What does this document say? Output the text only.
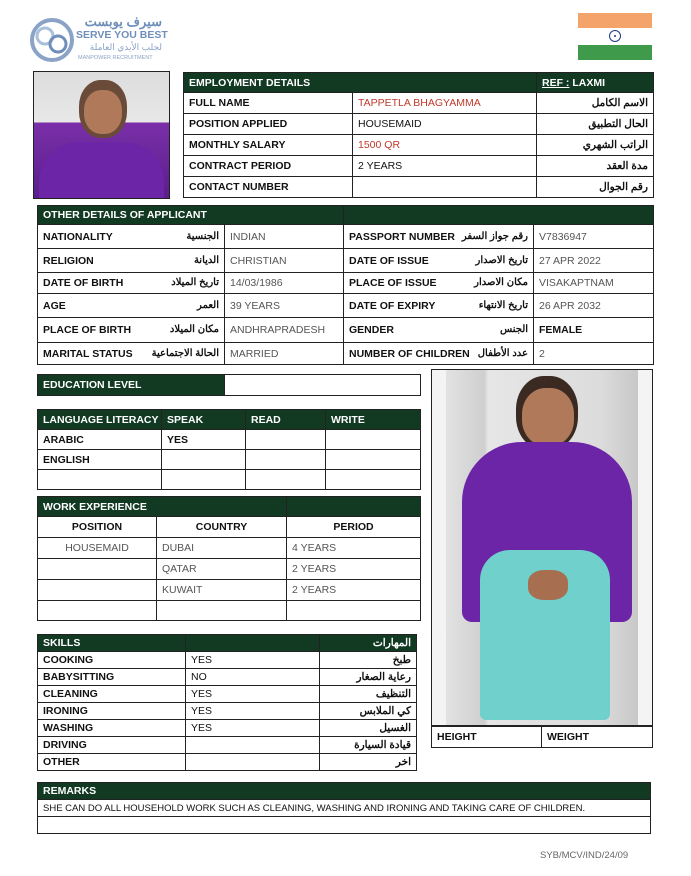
سيرف يوبست
SERVE YOU BEST
لجلب الأيدي العاملة
MANPOWER RECRUITMENT
EMPLOYMENT DETAILS		REF : LAXMI
FULL NAME	TAPPETLA BHAGYAMMA	الاسم الكامل
POSITION APPLIED	HOUSEMAID	الحال التطبيق
MONTHLY SALARY	1500 QR	الراتب الشهري
CONTRACT PERIOD	2 YEARS	مدة العقد
CONTACT NUMBER		رقم الجوال
OTHER DETAILS OF APPLICANT			
NATIONALITY الجنسية	INDIAN	PASSPORT NUMBER رقم جواز السفر	V7836947
RELIGION الديانة	CHRISTIAN	DATE OF ISSUE تاريخ الاصدار	27 APR 2022
DATE OF BIRTH تاريخ الميلاد	14/03/1986	PLACE OF ISSUE مكان الاصدار	VISAKAPTNAM
AGE العمر	39 YEARS	DATE OF EXPIRY تاريخ الانتهاء	26 APR 2032
PLACE OF BIRTH مكان الميلاد	ANDHRAPRADESH	GENDER الجنس	FEMALE
MARITAL STATUS الحالة الاجتماعية	MARRIED	NUMBER OF CHILDREN عدد الأطفال	2
EDUCATION LEVEL	
LANGUAGE LITERACY	SPEAK	READ	WRITE
ARABIC	YES		
ENGLISH			

WORK EXPERIENCE		
POSITION	COUNTRY	PERIOD
HOUSEMAID	DUBAI	4 YEARS
	QATAR	2 YEARS
	KUWAIT	2 YEARS

SKILLS		المهارات
COOKING	YES	طبخ
BABYSITTING	NO	رعاية الصغار
CLEANING	YES	التنظيف
IRONING	YES	كي الملابس
WASHING	YES	الغسيل
DRIVING		قيادة السيارة
OTHER		اخر
HEIGHT	WEIGHT
REMARKS
SHE CAN DO ALL HOUSEHOLD WORK SUCH AS CLEANING, WASHING AND IRONING AND TAKING CARE OF CHILDREN.

SYB/MCV/IND/24/09
